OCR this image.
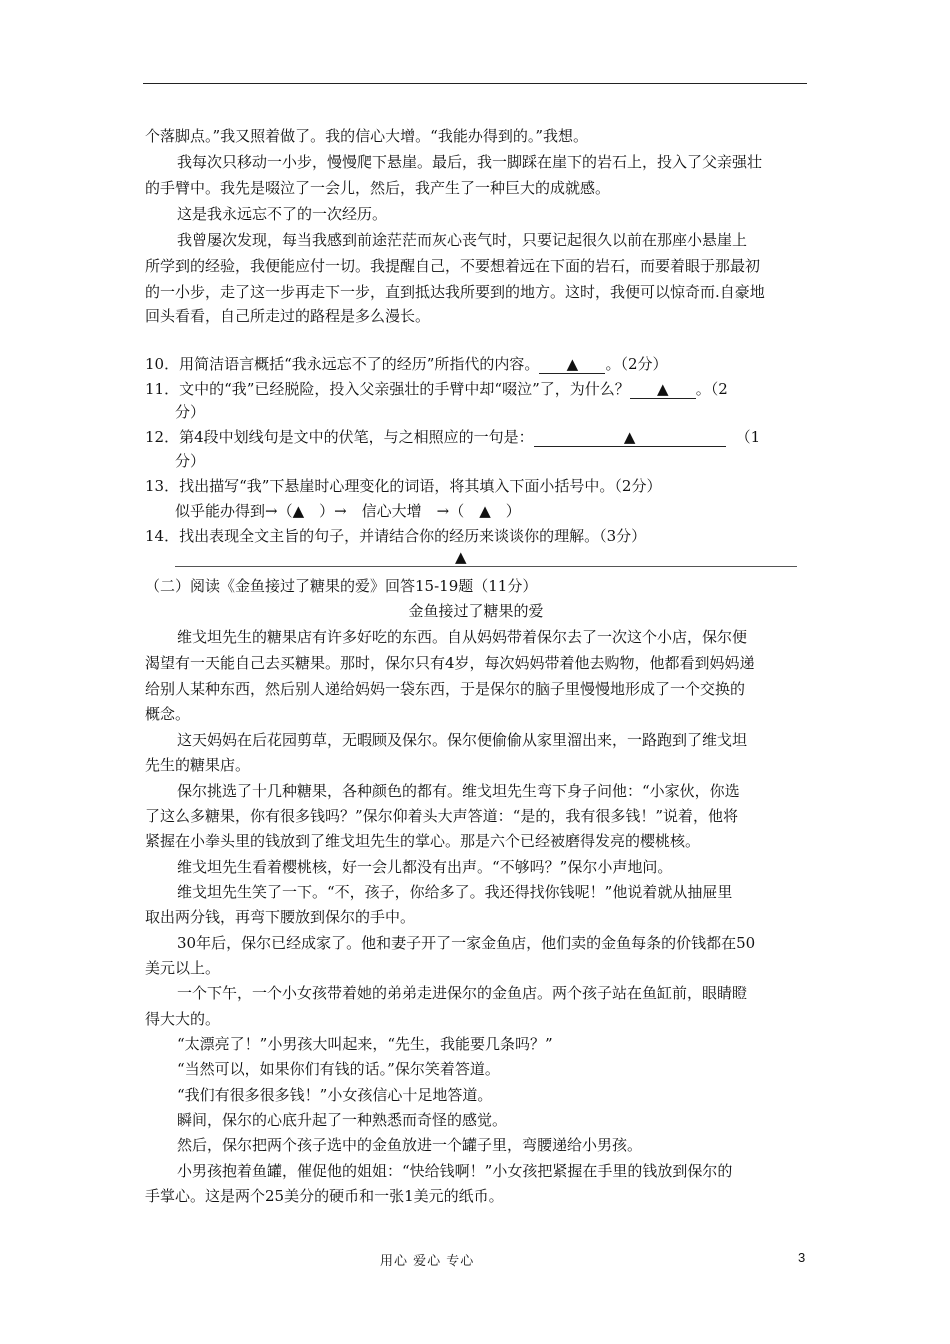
个落脚点。”我又照着做了。我的信心大增。“我能办得到的。”我想。
我每次只移动一小步，慢慢爬下悬崖。最后，我一脚踩在崖下的岩石上，投入了父亲强壮
的手臂中。我先是啜泣了一会儿，然后，我产生了一种巨大的成就感。
这是我永远忘不了的一次经历。
我曾屡次发现，每当我感到前途茫茫而灰心丧气时，只要记起很久以前在那座小悬崖上
所学到的经验，我便能应付一切。我提醒自己，不要想着远在下面的岩石，而要着眼于那最初
的一小步，走了这一步再走下一步，直到抵达我所要到的地方。这时，我便可以惊奇而.自豪地
回头看看，自己所走过的路程是多么漫长。
10．用简洁语言概括“我永远忘不了的经历”所指代的内容。 ▲ 。（2分）
11．文中的“我”已经脱险，投入父亲强壮的手臂中却“啜泣”了，为什么？ ▲ 。（2
分）
12．第4段中划线句是文中的伏笔，与之相照应的一句是：	▲	（1
分）
13．找出描写“我”下悬崖时心理变化的词语，将其填入下面小括号中。（2分）
似乎能办得到→（▲　）→　信心大增　→（　▲　）
14．找出表现全文主旨的句子，并请结合你的经历来谈谈你的理解。（3分）
▲
（二）阅读《金鱼接过了糖果的爱》回答15-19题（11分）
金鱼接过了糖果的爱
维戈坦先生的糖果店有许多好吃的东西。自从妈妈带着保尔去了一次这个小店，保尔便
渴望有一天能自己去买糖果。那时，保尔只有4岁，每次妈妈带着他去购物，他都看到妈妈递
给别人某种东西，然后别人递给妈妈一袋东西，于是保尔的脑子里慢慢地形成了一个交换的
概念。
这天妈妈在后花园剪草，无暇顾及保尔。保尔便偷偷从家里溜出来，一路跑到了维戈坦
先生的糖果店。
保尔挑选了十几种糖果，各种颜色的都有。维戈坦先生弯下身子问他：“小家伙，你选
了这么多糖果，你有很多钱吗？”保尔仰着头大声答道：“是的，我有很多钱！”说着，他将
紧握在小拳头里的钱放到了维戈坦先生的掌心。那是六个已经被磨得发亮的樱桃核。
维戈坦先生看着樱桃核，好一会儿都没有出声。“不够吗？”保尔小声地问。
维戈坦先生笑了一下。“不，孩子，你给多了。我还得找你钱呢！”他说着就从抽屉里
取出两分钱，再弯下腰放到保尔的手中。
30年后，保尔已经成家了。他和妻子开了一家金鱼店，他们卖的金鱼每条的价钱都在50
美元以上。
一个下午，一个小女孩带着她的弟弟走进保尔的金鱼店。两个孩子站在鱼缸前，眼睛瞪
得大大的。
“太漂亮了！”小男孩大叫起来，“先生，我能要几条吗？”
“当然可以，如果你们有钱的话。”保尔笑着答道。
“我们有很多很多钱！”小女孩信心十足地答道。
瞬间，保尔的心底升起了一种熟悉而奇怪的感觉。
然后，保尔把两个孩子选中的金鱼放进一个罐子里，弯腰递给小男孩。
小男孩抱着鱼罐，催促他的姐姐：“快给钱啊！”小女孩把紧握在手里的钱放到保尔的
手掌心。这是两个25美分的硬币和一张1美元的纸币。
用心 爱心 专心	3
